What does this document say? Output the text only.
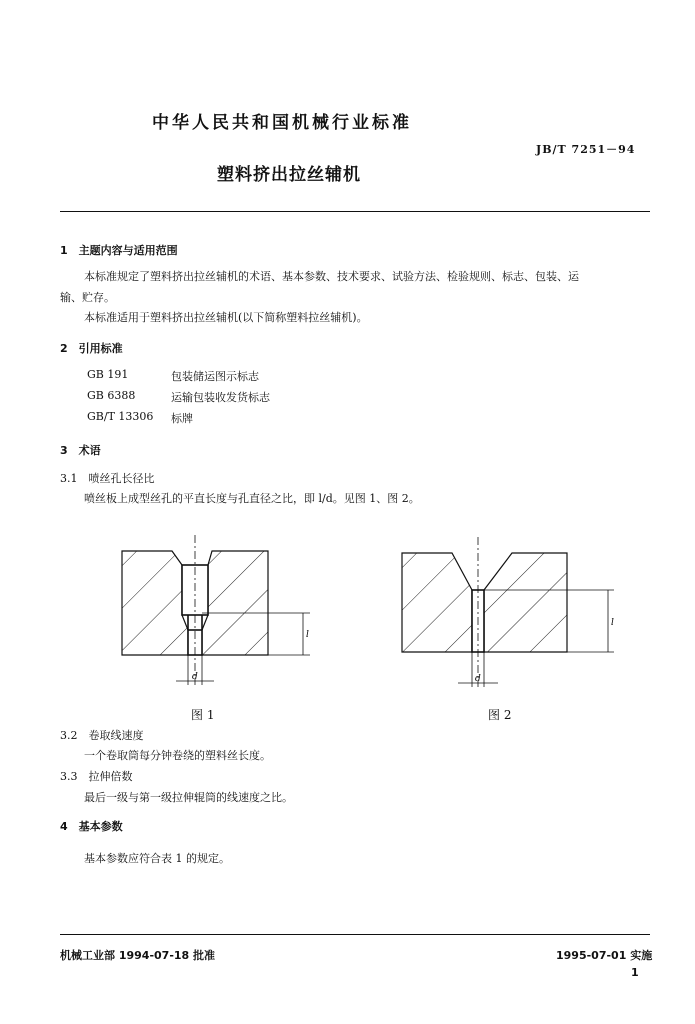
中华人民共和国机械行业标准
JB/T 7251－94
塑料挤出拉丝辅机
1　主题内容与适用范围
本标准规定了塑料挤出拉丝辅机的术语、基本参数、技术要求、试验方法、检验规则、标志、包装、运
输、贮存。
本标准适用于塑料挤出拉丝辅机(以下简称塑料拉丝辅机)。
2　引用标准
GB 191	包装储运图示标志
GB 6388	运输包装收发货标志
GB/T 13306 标牌
3　术语
3.1　喷丝孔长径比
喷丝板上成型丝孔的平直长度与孔直径之比，即 l/d。见图 1、图 2。
d
l
d
l
图 1	图 2
3.2　卷取线速度
一个卷取筒每分钟卷绕的塑料丝长度。
3.3　拉伸倍数
最后一级与第一级拉伸辊筒的线速度之比。
4　基本参数
基本参数应符合表 1 的规定。
机械工业部 1994-07-18 批准	1995-07-01 实施
1
